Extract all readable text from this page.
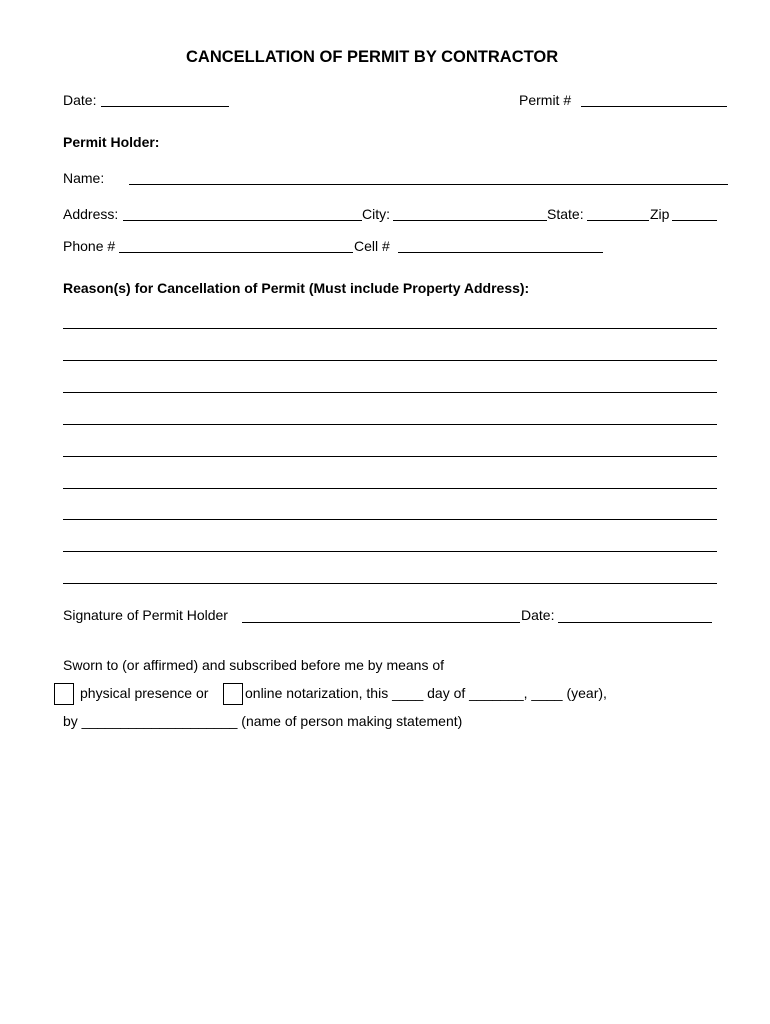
CANCELLATION OF PERMIT BY CONTRACTOR
Date:	Permit #
Permit Holder:
Name:
Address:	City:	State:	Zip
Phone #	Cell #
Reason(s) for Cancellation of Permit (Must include Property Address):
Signature of Permit Holder	Date:
Sworn to (or affirmed) and subscribed before me by means of
physical presence or	online notarization, this ____ day of _______, ____ (year),
by ____________________ (name of person making statement)
